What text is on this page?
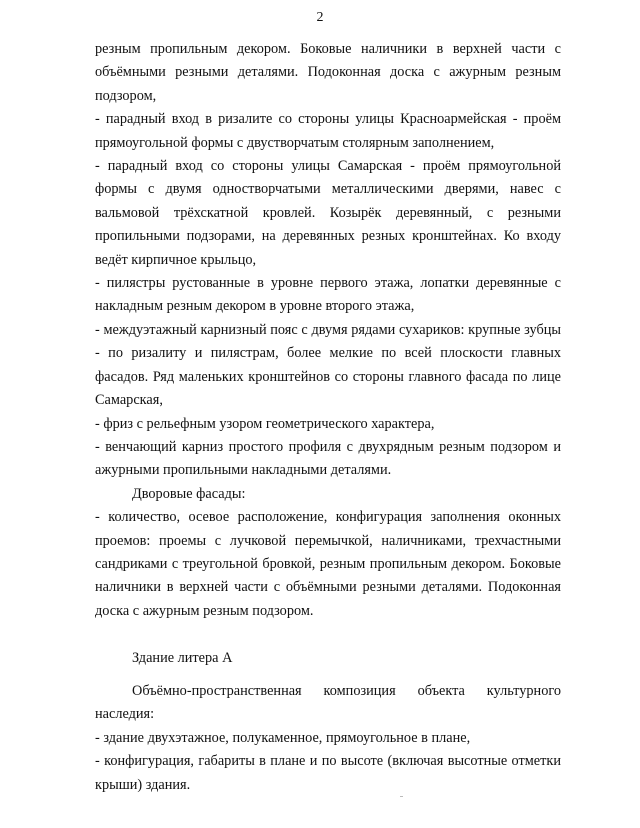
2

резным пропильным декором. Боковые наличники в верхней части с объёмными резными деталями. Подоконная доска с ажурным резным подзором,

- парадный вход в ризалите со стороны улицы Красноармейская - проём прямоугольной формы с двустворчатым столярным заполнением,

- парадный вход со стороны улицы Самарская - проём прямоугольной формы с двумя одностворчатыми металлическими дверями, навес с вальмовой трёхскатной кровлей. Козырёк деревянный, с резными пропильными подзорами, на деревянных резных кронштейнах. Ко входу ведёт кирпичное крыльцо,

- пилястры рустованные в уровне первого этажа, лопатки деревянные с накладным резным декором в уровне второго этажа,

- междуэтажный карнизный пояс с двумя рядами сухариков: крупные зубцы - по ризалиту и пилястрам, более мелкие по всей плоскости главных фасадов. Ряд маленьких кронштейнов со стороны главного фасада по лице Самарская,

- фриз с рельефным узором геометрического характера,

- венчающий карниз простого профиля с двухрядным резным подзором и ажурными пропильными накладными деталями.

Дворовые фасады:

- количество, осевое расположение, конфигурация заполнения оконных проемов: проемы с лучковой перемычкой, наличниками, трехчастными сандриками с треугольной бровкой, резным пропильным декором. Боковые наличники в верхней части с объёмными резными деталями. Подоконная доска с ажурным резным подзором.

Здание литера А

Объёмно-пространственная композиция объекта культурного наследия:

- здание двухэтажное, полукаменное, прямоугольное в плане,

- конфигурация, габариты в плане и по высоте (включая высотные отметки крыши) здания.
